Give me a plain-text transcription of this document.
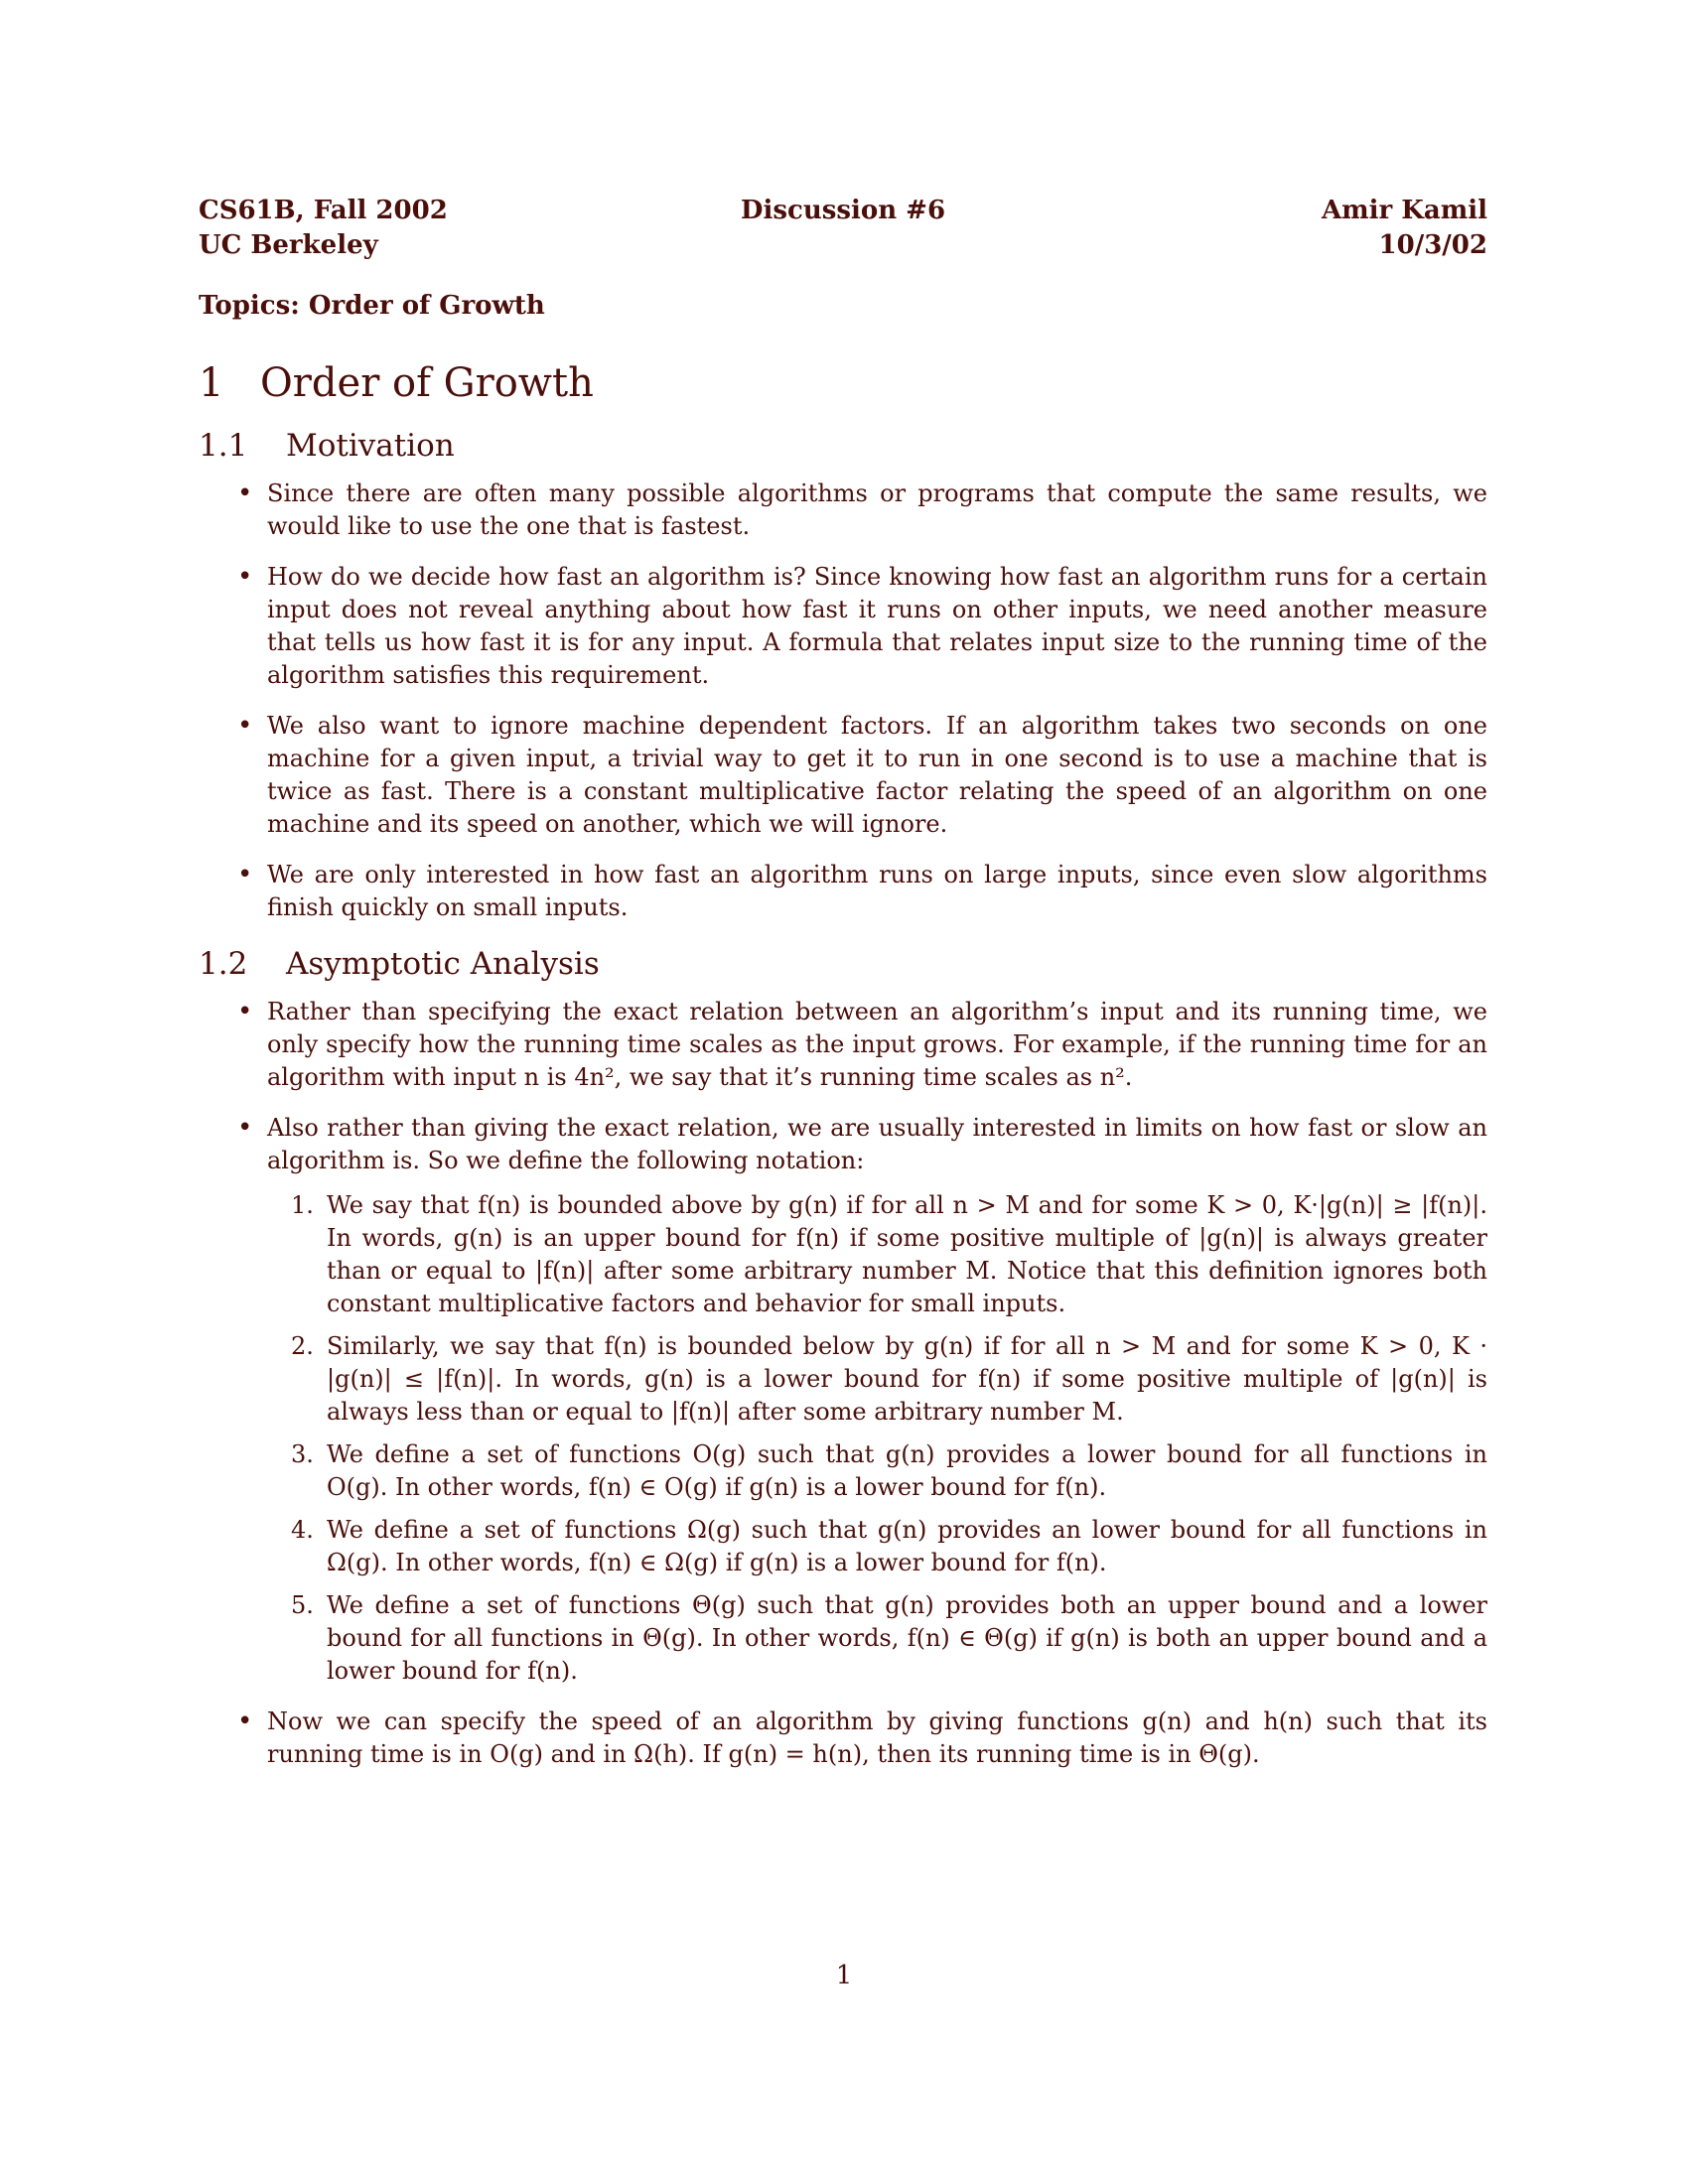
CS61B, Fall 2002
UC Berkeley
Discussion #6	Amir Kamil
10/3/02
Topics: Order of Growth
1 Order of Growth
1.1 Motivation
• Since there are often many possible algorithms or programs that compute the same results, we would like to use the one that is fastest.
• How do we decide how fast an algorithm is? Since knowing how fast an algorithm runs for a certain input does not reveal anything about how fast it runs on other inputs, we need another measure that tells us how fast it is for any input. A formula that relates input size to the running time of the algorithm satisfies this requirement.
• We also want to ignore machine dependent factors. If an algorithm takes two seconds on one machine for a given input, a trivial way to get it to run in one second is to use a machine that is twice as fast. There is a constant multiplicative factor relating the speed of an algorithm on one machine and its speed on another, which we will ignore.
• We are only interested in how fast an algorithm runs on large inputs, since even slow algorithms finish quickly on small inputs.
1.2 Asymptotic Analysis
• Rather than specifying the exact relation between an algorithm’s input and its running time, we only specify how the running time scales as the input grows. For example, if the running time for an algorithm with input n is 4n², we say that it’s running time scales as n².
• Also rather than giving the exact relation, we are usually interested in limits on how fast or slow an algorithm is. So we define the following notation:
1. We say that f(n) is bounded above by g(n) if for all n > M and for some K > 0, K·|g(n)| ≥ |f(n)|. In words, g(n) is an upper bound for f(n) if some positive multiple of |g(n)| is always greater than or equal to |f(n)| after some arbitrary number M. Notice that this definition ignores both constant multiplicative factors and behavior for small inputs.
2. Similarly, we say that f(n) is bounded below by g(n) if for all n > M and for some K > 0, K · |g(n)| ≤ |f(n)|. In words, g(n) is a lower bound for f(n) if some positive multiple of |g(n)| is always less than or equal to |f(n)| after some arbitrary number M.
3. We define a set of functions O(g) such that g(n) provides a lower bound for all functions in O(g). In other words, f(n) ∈ O(g) if g(n) is a lower bound for f(n).
4. We define a set of functions Ω(g) such that g(n) provides an lower bound for all functions in Ω(g). In other words, f(n) ∈ Ω(g) if g(n) is a lower bound for f(n).
5. We define a set of functions Θ(g) such that g(n) provides both an upper bound and a lower bound for all functions in Θ(g). In other words, f(n) ∈ Θ(g) if g(n) is both an upper bound and a lower bound for f(n).
• Now we can specify the speed of an algorithm by giving functions g(n) and h(n) such that its running time is in O(g) and in Ω(h). If g(n) = h(n), then its running time is in Θ(g).
1
